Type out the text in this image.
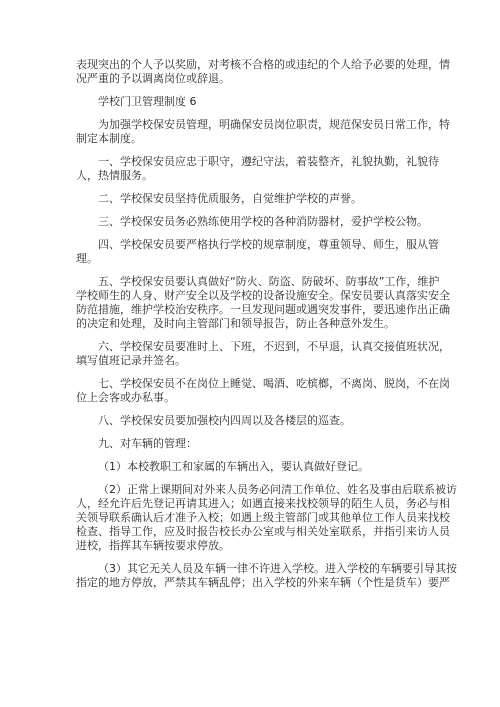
表现突出的个人予以奖励，对考核不合格的或违纪的个人给予必要的处理，情
况严重的予以调离岗位或辞退。
学校门卫管理制度 6
为加强学校保安员管理，明确保安员岗位职责，规范保安员日常工作，特
制定本制度。
一、学校保安员应忠于职守，遵纪守法，着装整齐，礼貌执勤，礼貌待
人，热情服务。
二、学校保安员坚持优质服务，自觉维护学校的声誉。
三、学校保安员务必熟练使用学校的各种消防器材，爱护学校公物。
四、学校保安员要严格执行学校的规章制度，尊重领导、师生，服从管
理。
五、学校保安员要认真做好“防火、防盗、防破坏、防事故”工作，维护
学校师生的人身、财产安全以及学校的设备设施安全。保安员要认真落实安全
防范措施，维护学校治安秩序。一旦发现问题或遇突发事件，要迅速作出正确
的决定和处理，及时向主管部门和领导报告，防止各种意外发生。
六、学校保安员要准时上、下班，不迟到，不早退，认真交接值班状况，
填写值班记录并签名。
七、学校保安员不在岗位上睡觉、喝酒、吃槟榔，不离岗、脱岗，不在岗
位上会客或办私事。
八、学校保安员要加强校内四周以及各楼层的巡查。
九、对车辆的管理：
（1）本校教职工和家属的车辆出入，要认真做好登记。
（2）正常上课期间对外来人员务必问清工作单位、姓名及事由后联系被访
人，经允许后先登记再请其进入；如遇直接来找校领导的陌生人员，务必与相
关领导联系确认后才准予入校；如遇上级主管部门或其他单位工作人员来找校
检查、指导工作，应及时报告校长办公室或与相关处室联系，并指引来访人员
进校，指挥其车辆按要求停放。
（3）其它无关人员及车辆一律不许进入学校。进入学校的车辆要引导其按
指定的地方停放，严禁其车辆乱停；出入学校的外来车辆（个性是货车）要严
